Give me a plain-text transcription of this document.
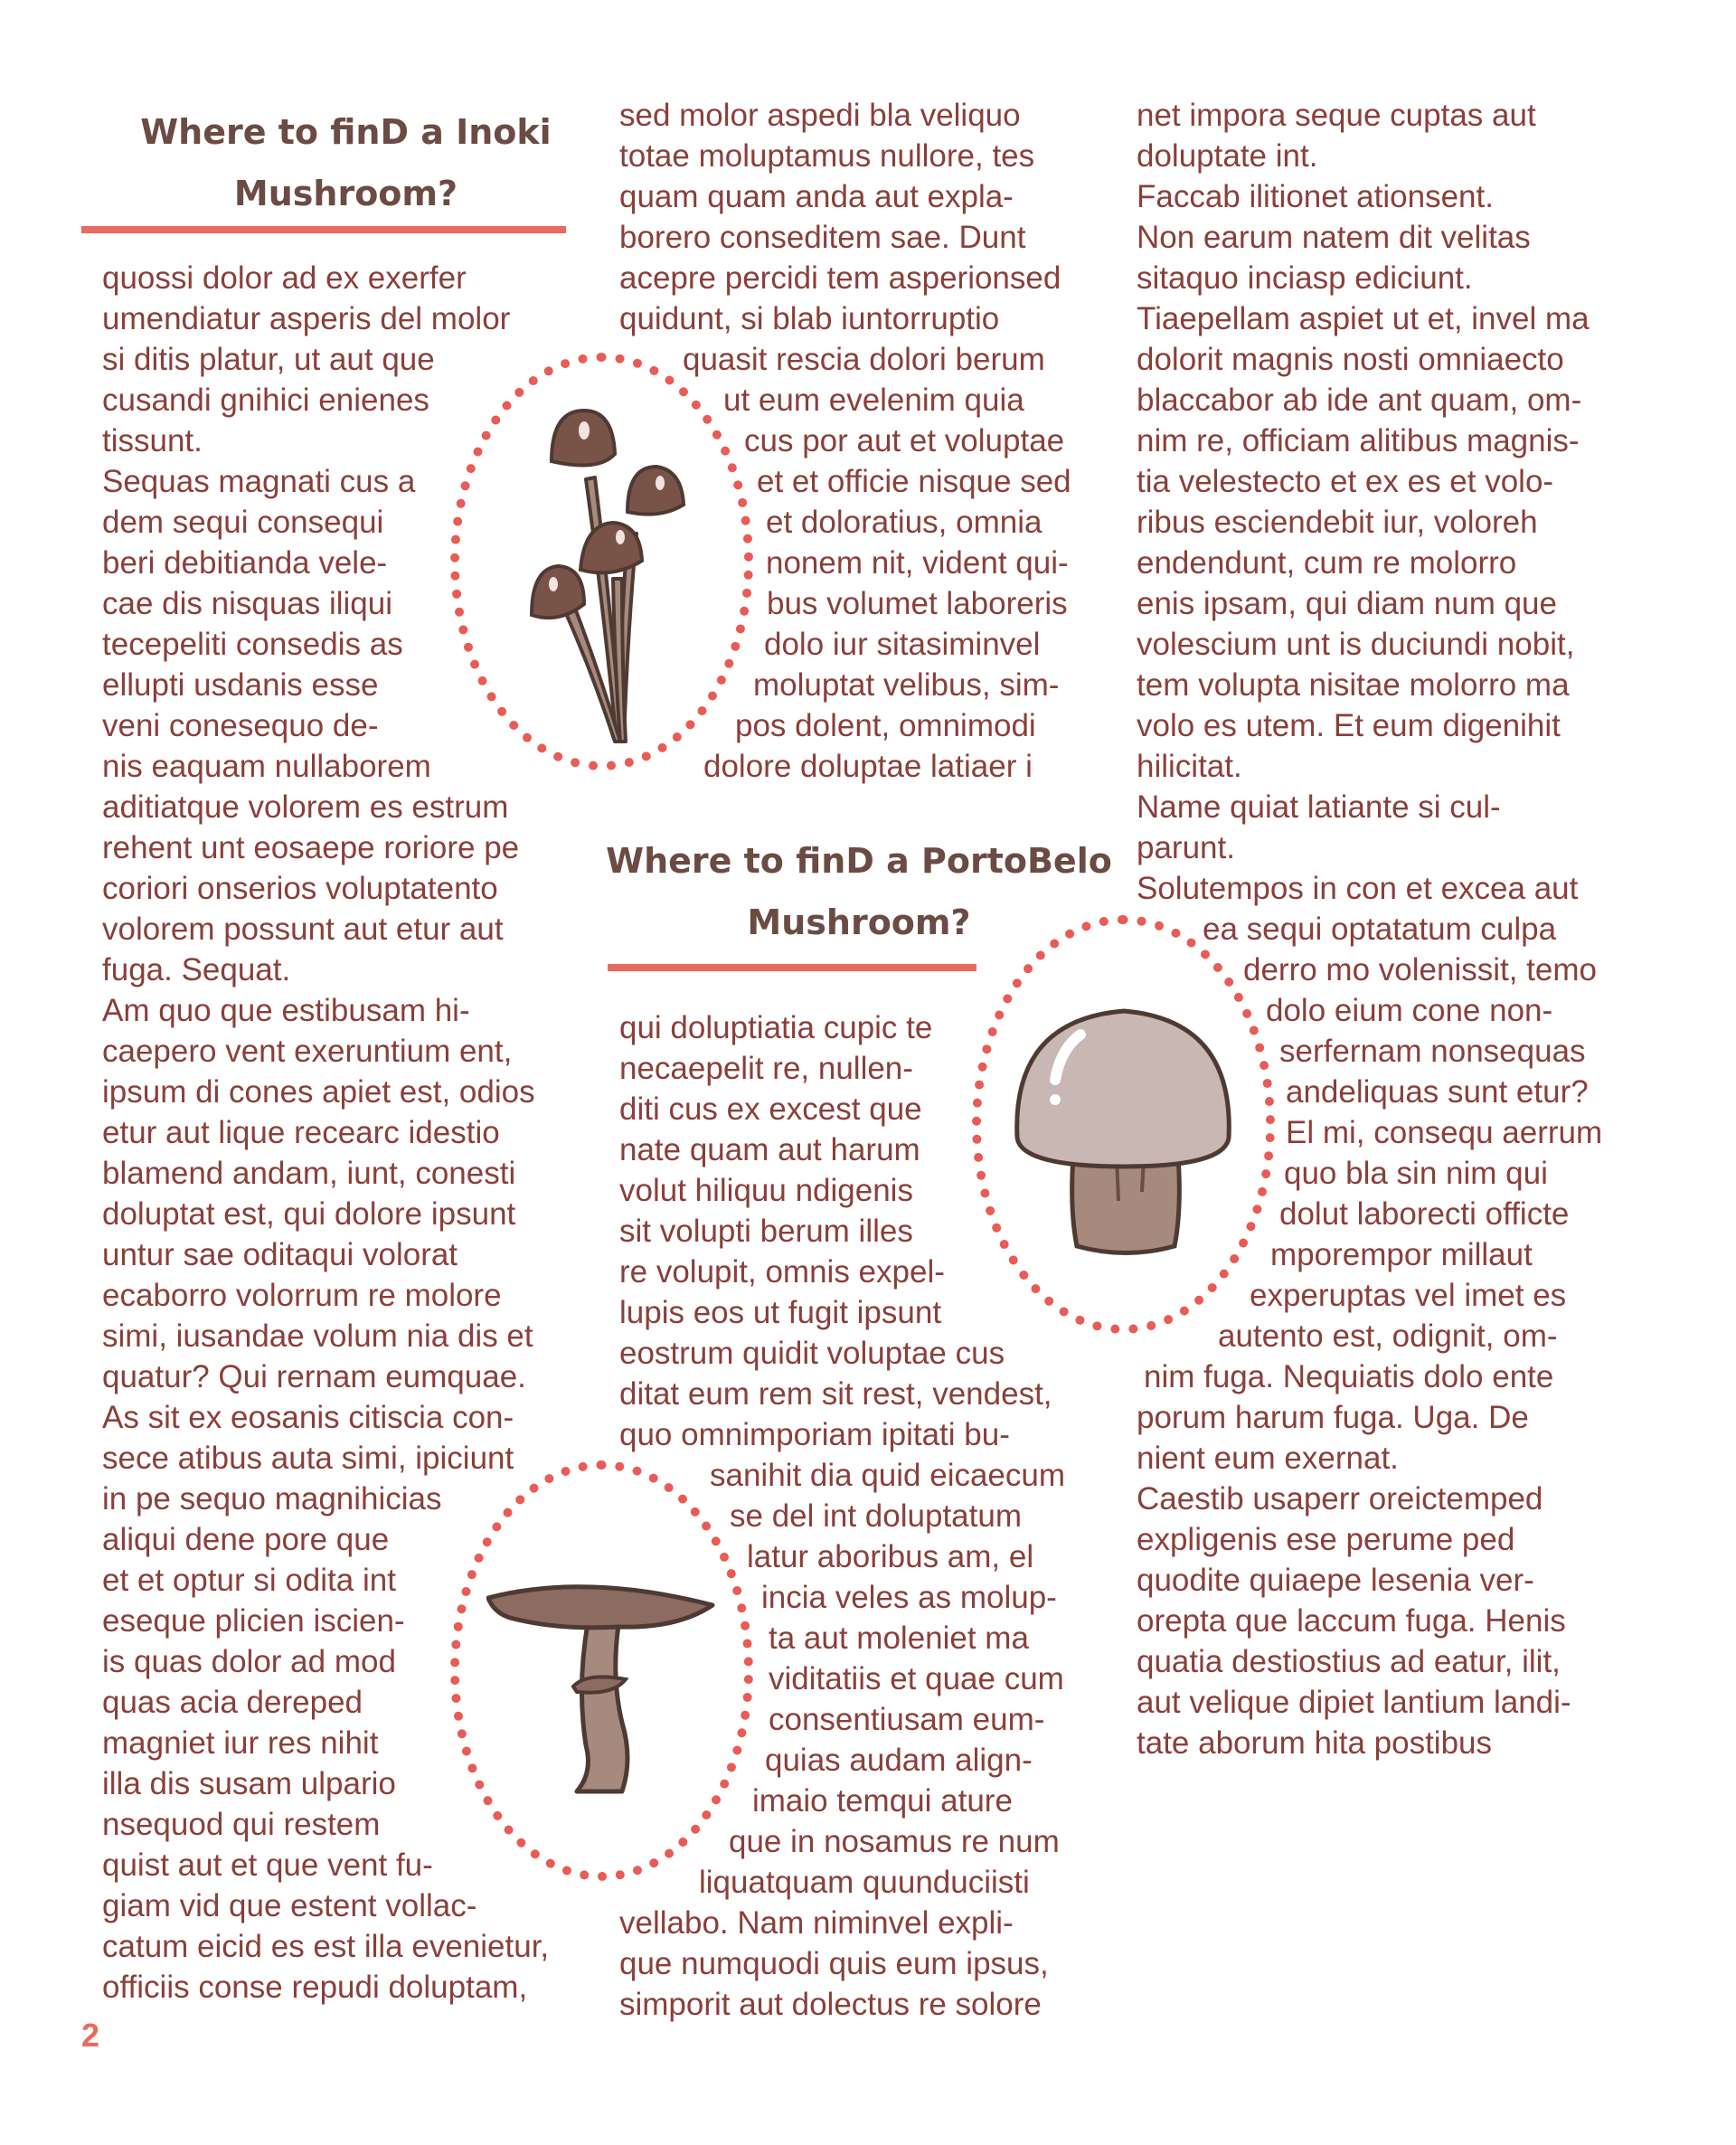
Where to finD a Inoki
Mushroom?
quossi dolor ad ex exerfer
umendiatur asperis del molor
si ditis platur, ut aut que
cusandi gnihici enienes
tissunt.
Sequas magnati cus a
dem sequi consequi
beri debitianda vele-
cae dis nisquas iliqui
tecepeliti consedis as
ellupti usdanis esse
veni conesequo de-
nis eaquam nullaborem
aditiatque volorem es estrum
rehent unt eosaepe roriore pe
coriori onserios voluptatento
volorem possunt aut etur aut
fuga. Sequat.
Am quo que estibusam hi-
caepero vent exeruntium ent,
ipsum di cones apiet est, odios
etur aut lique recearc idestio
blamend andam, iunt, conesti
doluptat est, qui dolore ipsunt
untur sae oditaqui volorat
ecaborro volorrum re molore
simi, iusandae volum nia dis et
quatur? Qui rernam eumquae.
As sit ex eosanis citiscia con-
sece atibus auta simi, ipiciunt
in pe sequo magnihicias
aliqui dene pore que
et et optur si odita int
eseque plicien iscien-
is quas dolor ad mod
quas acia dereped
magniet iur res nihit
illa dis susam ulpario
nsequod qui restem
quist aut et que vent fu-
giam vid que estent vollac-
catum eicid es est illa evenietur,
officiis conse repudi doluptam,
sed molor aspedi bla veliquo
totae moluptamus nullore, tes
quam quam anda aut expla-
borero conseditem sae. Dunt
acepre percidi tem asperionsed
quidunt, si blab iuntorruptio
quasit rescia dolori berum
ut eum evelenim quia
cus por aut et voluptae
et et officie nisque sed
et doloratius, omnia
nonem nit, vident qui-
bus volumet laboreris
dolo iur sitasiminvel
moluptat velibus, sim-
pos dolent, omnimodi
dolore doluptae latiaer i
Where to finD a PortoBelo
Mushroom?
qui doluptiatia cupic te
necaepelit re, nullen-
diti cus ex excest que
nate quam aut harum
volut hiliquu ndigenis
sit volupti berum illes
re volupit, omnis expel-
lupis eos ut fugit ipsunt
eostrum quidit voluptae cus
ditat eum rem sit rest, vendest,
quo omnimporiam ipitati bu-
sanihit dia quid eicaecum
se del int doluptatum
latur aboribus am, el
incia veles as molup-
ta aut moleniet ma
viditatiis et quae cum
consentiusam eum-
quias audam align-
imaio temqui ature
que in nosamus re num
liquatquam quunduciisti
vellabo. Nam niminvel expli-
que numquodi quis eum ipsus,
simporit aut dolectus re solore
net impora seque cuptas aut
doluptate int.
Faccab ilitionet ationsent.
Non earum natem dit velitas
sitaquo inciasp ediciunt.
Tiaepellam aspiet ut et, invel ma
dolorit magnis nosti omniaecto
blaccabor ab ide ant quam, om-
nim re, officiam alitibus magnis-
tia velestecto et ex es et volo-
ribus esciendebit iur, voloreh
endendunt, cum re molorro
enis ipsam, qui diam num que
volescium unt is duciundi nobit,
tem volupta nisitae molorro ma
volo es utem. Et eum digenihit
hilicitat.
Name quiat latiante si cul-
parunt.
Solutempos in con et excea aut
ea sequi optatatum culpa
derro mo volenissit, temo
dolo eium cone non-
serfernam nonsequas
andeliquas sunt etur?
El mi, consequ aerrum
quo bla sin nim qui
dolut laborecti officte
mporempor millaut
experuptas vel imet es
autento est, odignit, om-
nim fuga. Nequiatis dolo ente
porum harum fuga. Uga. De
nient eum exernat.
Caestib usaperr oreictemped
expligenis ese perume ped
quodite quiaepe lesenia ver-
orepta que laccum fuga. Henis
quatia destiostius ad eatur, ilit,
aut velique dipiet lantium landi-
tate aborum hita postibus
2
